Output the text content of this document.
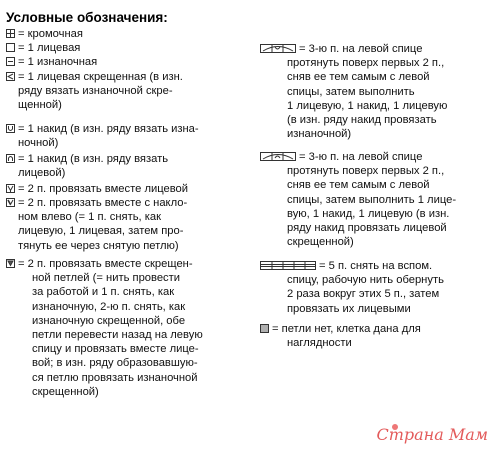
Условные обозначения:
= кромочная
= 1 лицевая
= 1 изнаночная
= 1 лицевая скрещенная (в изн.
ряду вязать изнаночной скре-
щенной)
= 1 накид (в изн. ряду вязать изна-
ночной)
= 1 накид (в изн. ряду вязать
лицевой)
= 2 п. провязать вместе лицевой
= 2 п. провязать вместе с накло-
ном влево (= 1 п. снять, как
лицевую, 1 лицевая, затем про-
тянуть ее через снятую петлю)
= 2 п. провязать вместе скрещен-
ной петлей (= нить провести
за работой и 1 п. снять, как
изнаночную, 2-ю п. снять, как
изнаночную скрещенной, обе
петли перевести назад на левую
спицу и провязать вместе лице-
вой; в изн. ряду образовавшую-
ся петлю провязать изнаночной
скрещенной)
= 3-ю п. на левой спице
протянуть поверх первых 2 п.,
сняв ее тем самым с левой
спицы, затем выполнить
1 лицевую, 1 накид, 1 лицевую
(в изн. ряду накид провязать
изнаночной)
= 3-ю п. на левой спице
протянуть поверх первых 2 п.,
сняв ее тем самым с левой
спицы, затем выполнить 1 лице-
вую, 1 накид, 1 лицевую (в изн.
ряду накид провязать лицевой
скрещенной)
= 5 п. снять на вспом.
спицу, рабочую нить обернуть
2 раза вокруг этих 5 п., затем
провязать их лицевыми
= петли нет, клетка дана для
наглядности
Страна Мам
